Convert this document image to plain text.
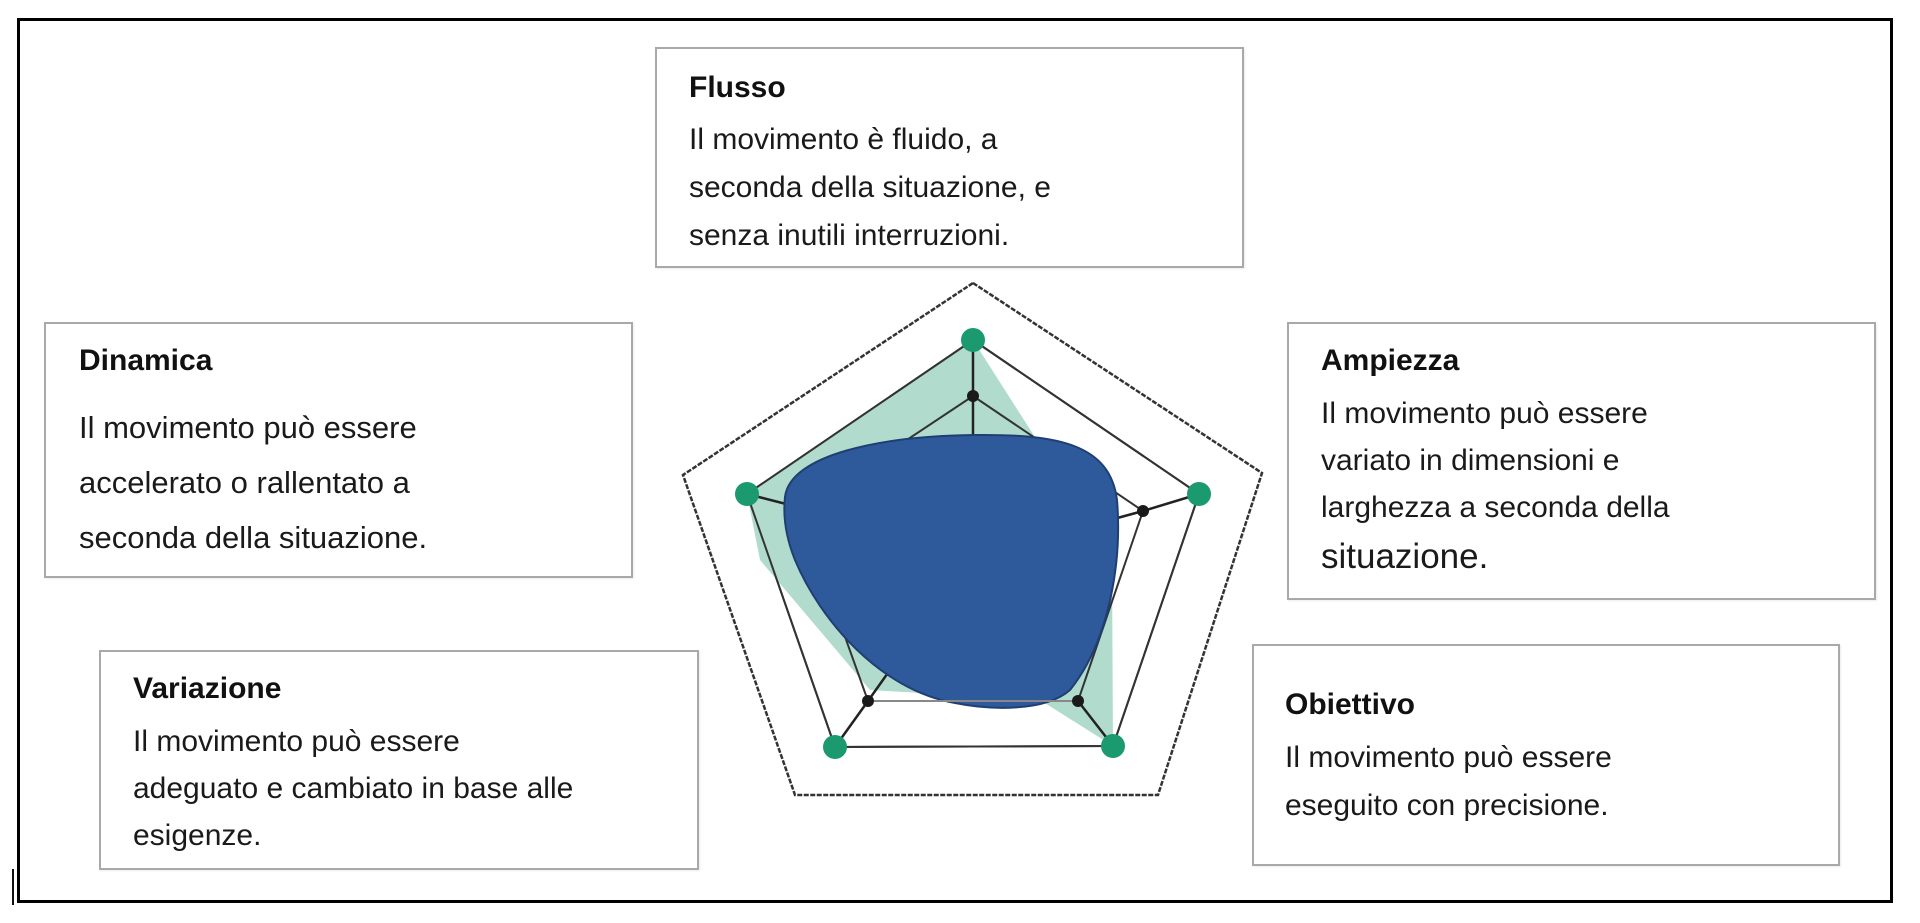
Flusso
Il movimento è fluido, a
seconda della situazione, e
senza inutili interruzioni.
Dinamica
Il movimento può essere
accelerato o rallentato a
seconda della situazione.
Ampiezza
Il movimento può essere
variato in dimensioni e
larghezza a seconda della
situazione.
Variazione
Il movimento può essere
adeguato e cambiato in base alle
esigenze.
Obiettivo
Il movimento può essere
eseguito con precisione.
